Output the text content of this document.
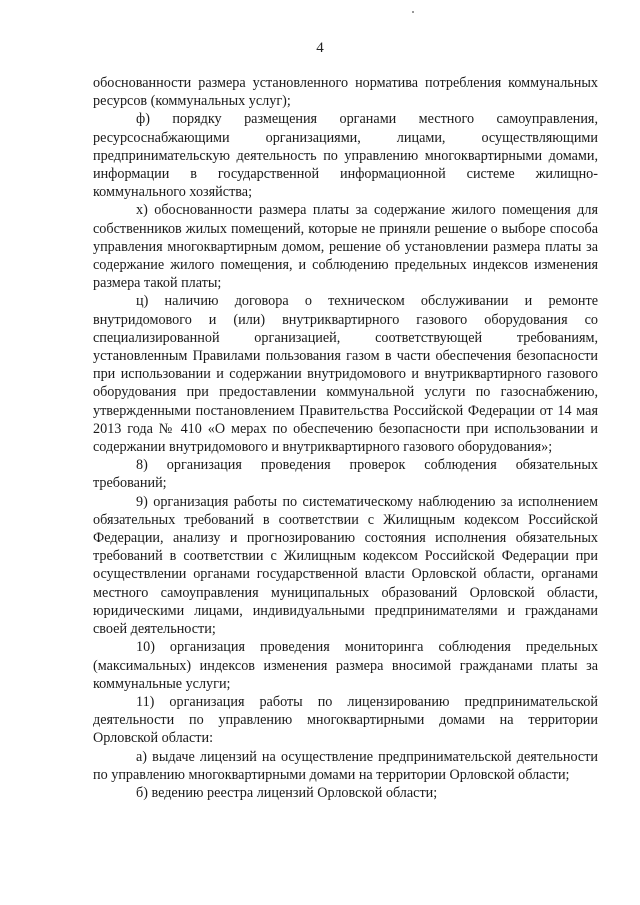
4

обоснованности размера установленного норматива потребления коммунальных ресурсов (коммунальных услуг);

ф) порядку размещения органами местного самоуправления, ресурсоснабжающими организациями, лицами, осуществляющими предпринимательскую деятельность по управлению многоквартирными домами, информации в государственной информационной системе жилищно-коммунального хозяйства;

х) обоснованности размера платы за содержание жилого помещения для собственников жилых помещений, которые не приняли решение о выборе способа управления многоквартирным домом, решение об установлении размера платы за содержание жилого помещения, и соблюдению предельных индексов изменения размера такой платы;

ц) наличию договора о техническом обслуживании и ремонте внутридомового и (или) внутриквартирного газового оборудования со специализированной организацией, соответствующей требованиям, установленным Правилами пользования газом в части обеспечения безопасности при использовании и содержании внутридомового и внутриквартирного газового оборудования при предоставлении коммунальной услуги по газоснабжению, утвержденными постановлением Правительства Российской Федерации от 14 мая 2013 года № 410 «О мерах по обеспечению безопасности при использовании и содержании внутридомового и внутриквартирного газового оборудования»;

8) организация проведения проверок соблюдения обязательных требований;

9) организация работы по систематическому наблюдению за исполнением обязательных требований в соответствии с Жилищным кодексом Российской Федерации, анализу и прогнозированию состояния исполнения обязательных требований в соответствии с Жилищным кодексом Российской Федерации при осуществлении органами государственной власти Орловской области, органами местного самоуправления муниципальных образований Орловской области, юридическими лицами, индивидуальными предпринимателями и гражданами своей деятельности;

10) организация проведения мониторинга соблюдения предельных (максимальных) индексов изменения размера вносимой гражданами платы за коммунальные услуги;

11) организация работы по лицензированию предпринимательской деятельности по управлению многоквартирными домами на территории Орловской области:

а) выдаче лицензий на осуществление предпринимательской деятельности по управлению многоквартирными домами на территории Орловской области;

б) ведению реестра лицензий Орловской области;
